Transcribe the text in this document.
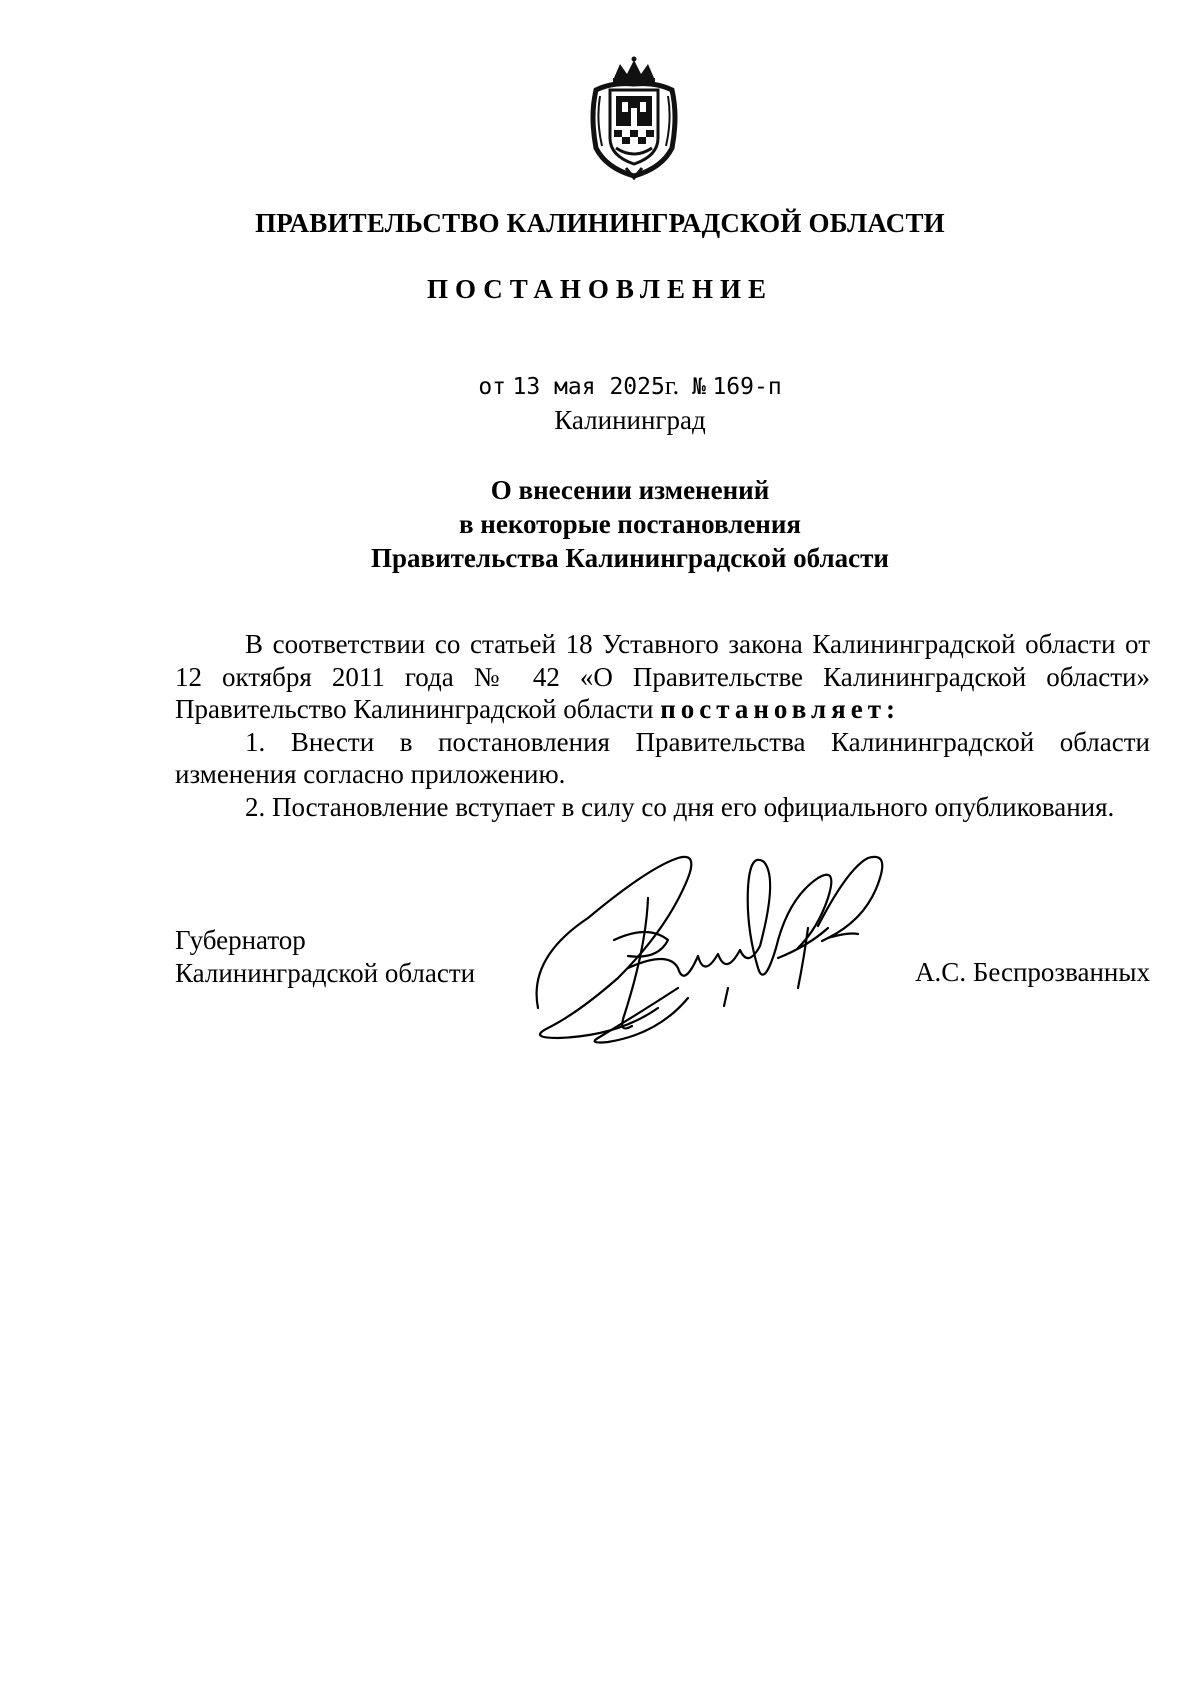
ПРАВИТЕЛЬСТВО КАЛИНИНГРАДСКОЙ ОБЛАСТИ
ПОСТАНОВЛЕНИЕ
от 13 мая 2025г. № 169-п
Калининград
О внесении изменений
в некоторые постановления
Правительства Калининградской области

В соответствии со статьей 18 Уставного закона Калининградской области от 12 октября 2011 года № 42 «О Правительстве Калининградской области» Правительство Калининградской области постановляет:

1. Внести в постановления Правительства Калининградской области изменения согласно приложению.

2. Постановление вступает в силу со дня его официального опубликования.

Губернатор
Калининградской области	А.С. Беспрозванных
